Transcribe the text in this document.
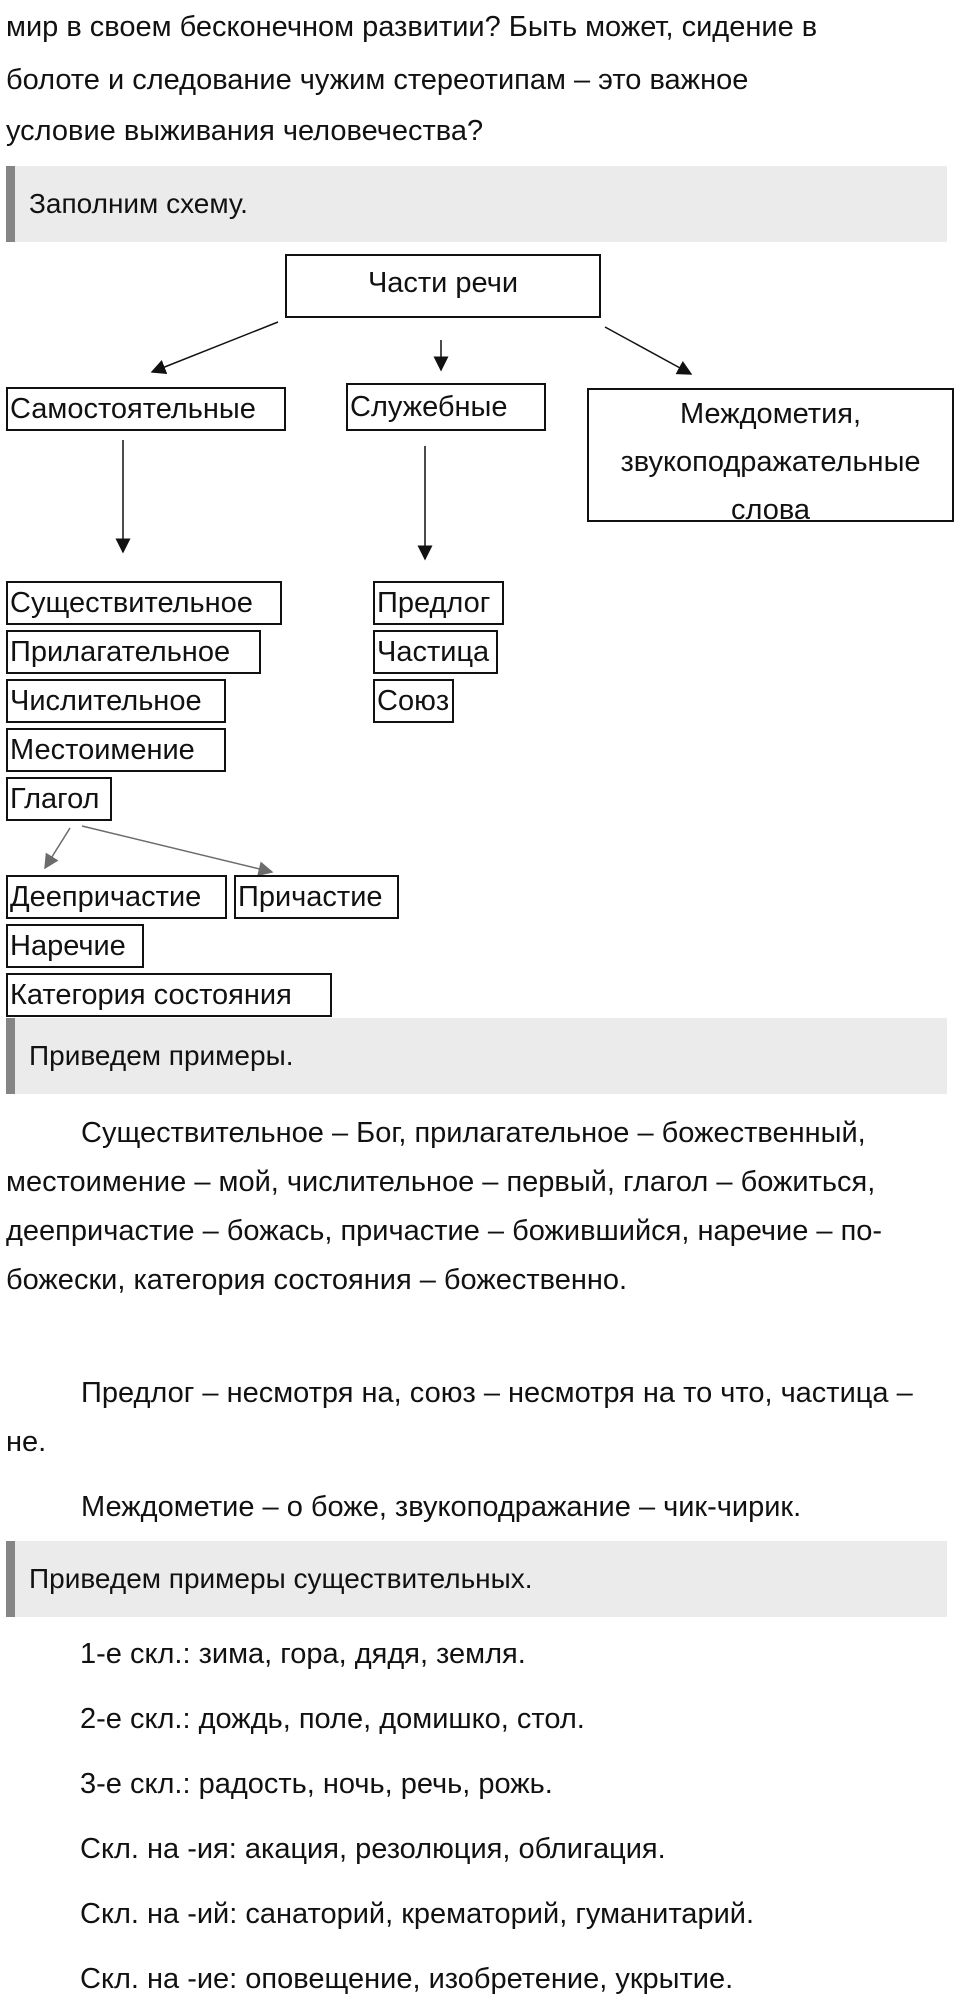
мир в своем бесконечном развитии? Быть может, сидение в

болоте и следование чужим стереотипам – это важное

условие выживания человечества?

Заполним схему.
Части речи
Самостоятельные	Служебные	Междометия, звукоподражательные слова
Существительное
Прилагательное
Числительное
Местоимение
Глагол
Предлог
Частица
Союз
Деепричастие	Причастие
Наречие
Категория состояния
Приведем примеры.

Существительное – Бог, прилагательное – божественный, местоимение – мой, числительное – первый, глагол – божиться, деепричастие – божась, причастие – божившийся, наречие – по-божески, категория состояния – божественно.

Предлог – несмотря на, союз – несмотря на то что, частица – не.

Междометие – о боже, звукоподражание – чик-чирик.

Приведем примеры существительных.

1-е скл.: зима, гора, дядя, земля.

2-е скл.: дождь, поле, домишко, стол.

3-е скл.: радость, ночь, речь, рожь.

Скл. на -ия: акация, резолюция, облигация.

Скл. на -ий: санаторий, крематорий, гуманитарий.

Скл. на -ие: оповещение, изобретение, укрытие.
